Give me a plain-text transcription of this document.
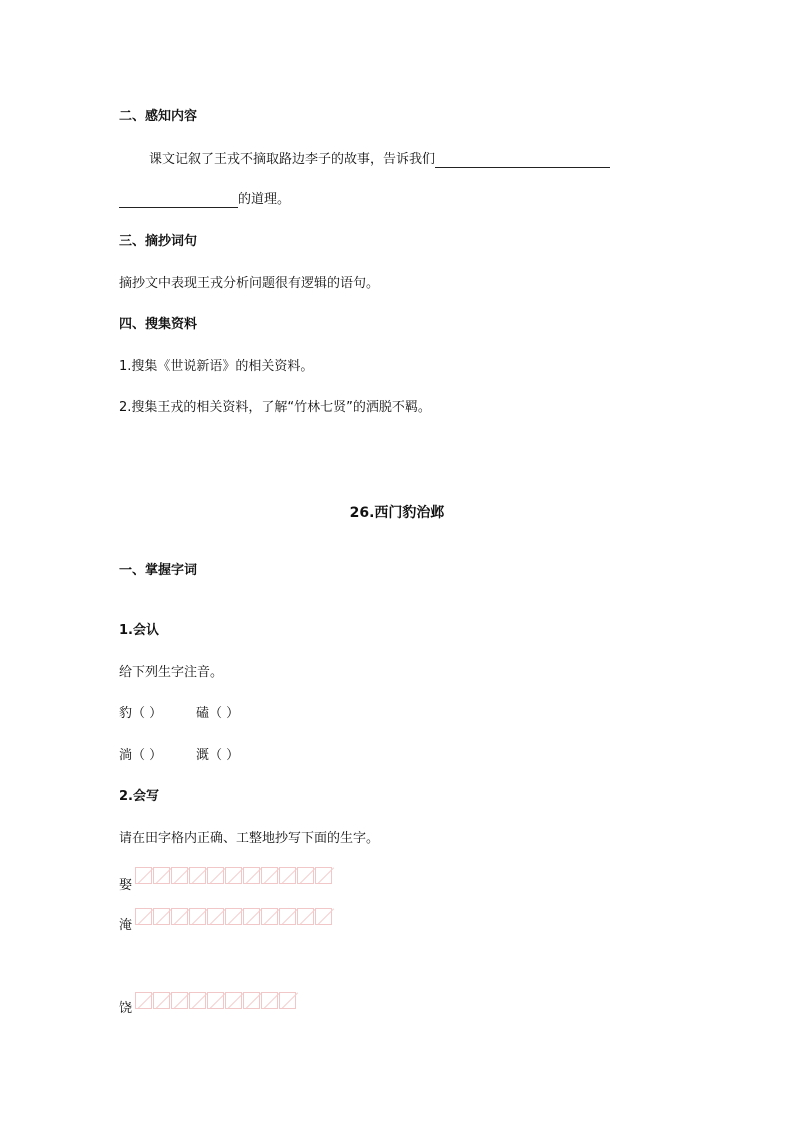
二、感知内容
课文记叙了王戎不摘取路边李子的故事，告诉我们
的道理。
三、摘抄词句
摘抄文中表现王戎分析问题很有逻辑的语句。
四、搜集资料
1.搜集《世说新语》的相关资料。
2.搜集王戎的相关资料，了解“竹林七贤”的洒脱不羁。
26.西门豹治邺
一、掌握字词
1.会认
给下列生字注音。
豹（ ）	磕（ ）
淌（ ）	溉（ ）
2.会写
请在田字格内正确、工整地抄写下面的生字。
娶
淹
饶
